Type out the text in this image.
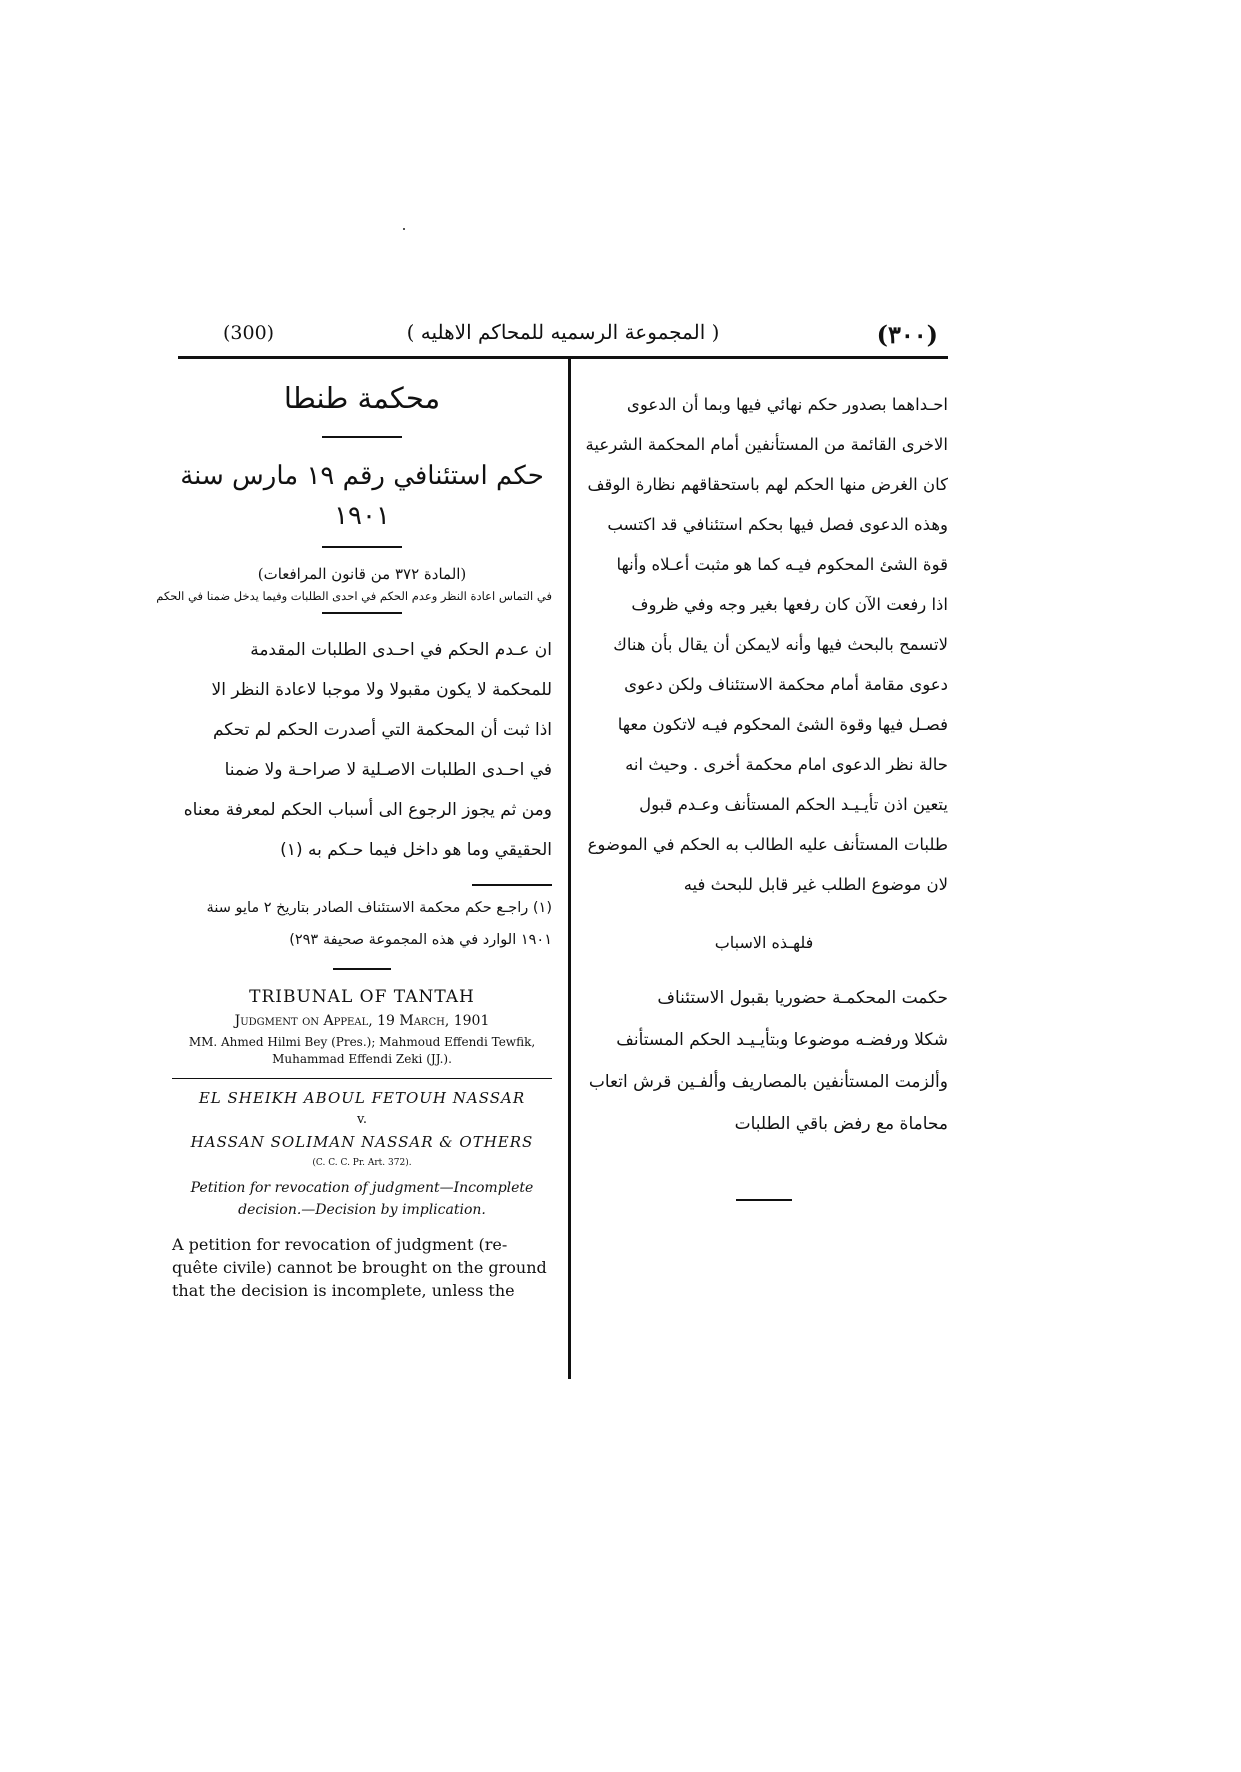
(300)	( المجموعة الرسميه للمحاكم الاهليه )	(٣٠٠)
محكمة طنطا
حكم استئنافي رقم ١٩ مارس سنة ١٩٠١
(المادة ٣٧٢ من قانون المرافعات)
في التماس اعادة النظر وعدم الحكم في احدى الطلبات وفيما يدخل ضمنا في الحكم

ان عـدم الحكم في احـدى الطلبات المقدمة

للمحكمة لا يكون مقبولا ولا موجبا لاعادة النظر الا

اذا ثبت أن المحكمة التي أصدرت الحكم لم تحكم

في احـدى الطلبات الاصـلية لا صراحـة ولا ضمنا

ومن ثم يجوز الرجوع الى أسباب الحكم لمعرفة معناه

الحقيقي وما هو داخل فيما حـكم به (١)

(١) راجـع حكم محكمة الاستئناف الصادر بتاريخ ٢ مايو سنة

١٩٠١ الوارد في هذه المجموعة صحيفة ٢٩٣)

TRIBUNAL OF TANTAH
Judgment on Appeal, 19 March, 1901
MM. Ahmed Hilmi Bey (Pres.); Mahmoud Effendi Tewfik,
Muhammad Effendi Zeki (JJ.).
EL SHEIKH ABOUL FETOUH NASSAR
v.
HASSAN SOLIMAN NASSAR & OTHERS
(C. C. C. Pr. Art. 372).
Petition for revocation of judgment—Incomplete
decision.—Decision by implication.

A petition for revocation of judgment (re-

quête civile) cannot be brought on the ground

that the decision is incomplete, unless the

احـداهما بصدور حكم نهائي فيها وبما أن الدعوى

الاخرى القائمة من المستأنفين أمام المحكمة الشرعية

كان الغرض منها الحكم لهم باستحقاقهم نظارة الوقف

وهذه الدعوى فصل فيها بحكم استئنافي قد اكتسب

قوة الشئ المحكوم فيـه كما هو مثبت أعـلاه وأنها

اذا رفعت الآن كان رفعها بغير وجه وفي ظروف

لاتسمح بالبحث فيها وأنه لايمكن أن يقال بأن هناك

دعوى مقامة أمام محكمة الاستئناف ولكن دعوى

فصـل فيها وقوة الشئ المحكوم فيـه لاتكون معها

حالة نظر الدعوى امام محكمة أخرى . وحيث انه

يتعين اذن تأيـيـد الحكم المستأنف وعـدم قبول

طلبات المستأنف عليه الطالب به الحكم في الموضوع

لان موضوع الطلب غير قابل للبحث فيه

فلهـذه الاسباب

حكمت المحكمـة حضوريا بقبول الاستئناف

شكلا ورفضـه موضوعا وبتأيـيـد الحكم المستأنف

وألزمت المستأنفين بالمصاريف وألفـين قرش اتعاب

محاماة مع رفض باقي الطلبات
